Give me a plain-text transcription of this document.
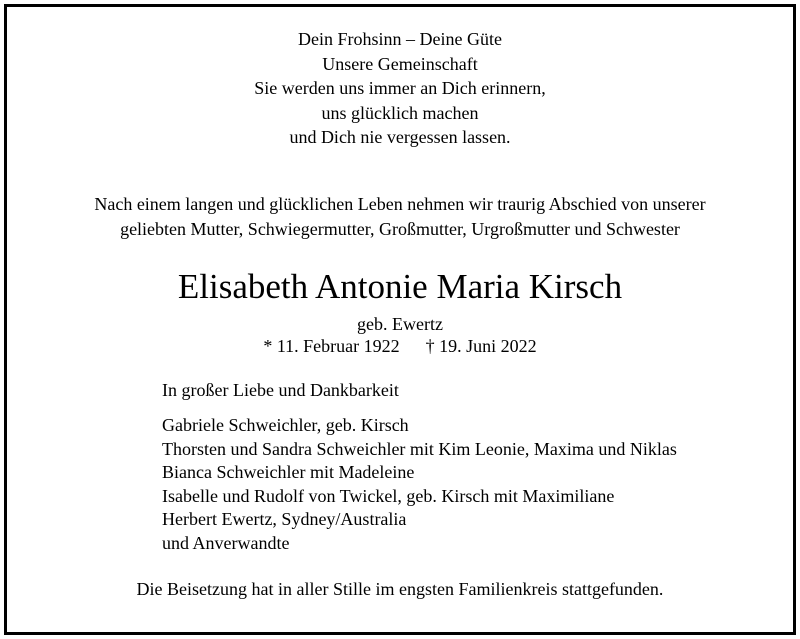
Dein Frohsinn – Deine Güte
Unsere Gemeinschaft
Sie werden uns immer an Dich erinnern,
uns glücklich machen
und Dich nie vergessen lassen.
Nach einem langen und glücklichen Leben nehmen wir traurig Abschied von unserer
geliebten Mutter, Schwiegermutter, Großmutter, Urgroßmutter und Schwester
Elisabeth Antonie Maria Kirsch
geb. Ewertz
* 11. Februar 1922 † 19. Juni 2022
In großer Liebe und Dankbarkeit
Gabriele Schweichler, geb. Kirsch
Thorsten und Sandra Schweichler mit Kim Leonie, Maxima und Niklas
Bianca Schweichler mit Madeleine
Isabelle und Rudolf von Twickel, geb. Kirsch mit Maximiliane
Herbert Ewertz, Sydney/Australia
und Anverwandte
Die Beisetzung hat in aller Stille im engsten Familienkreis stattgefunden.
